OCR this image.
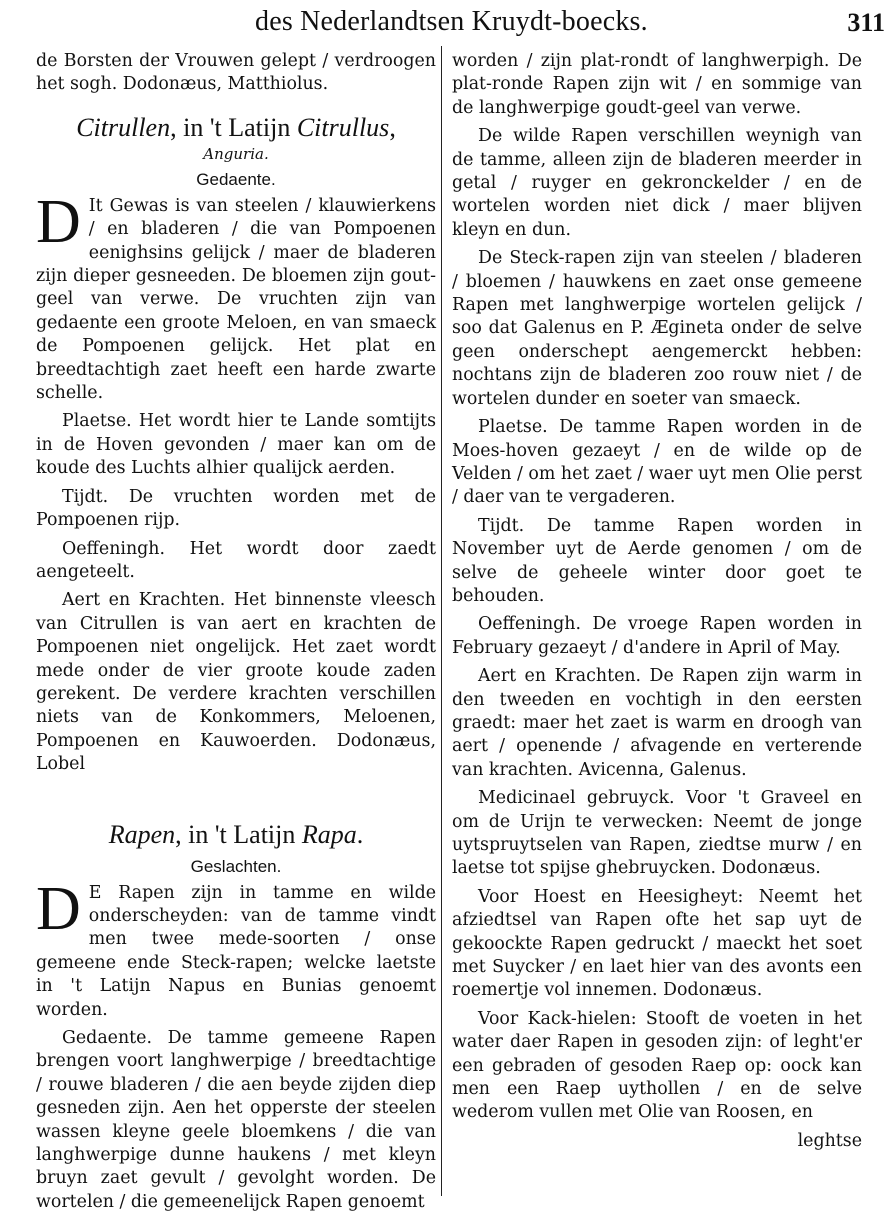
des Nederlandtsen Kruydt-boecks.	311

de Borsten der Vrouwen gelept / verdroogen het sogh. Dodonæus, Matthiolus.

Citrullen, in 't Latijn Citrullus,
Anguria.
Gedaente.

D It Gewas is van steelen / klauwierkens / en bladeren / die van Pompoenen eenighsins gelijck / maer de bladeren zijn dieper gesneeden. De bloemen zijn gout-geel van verwe. De vruchten zijn van gedaente een groote Meloen, en van smaeck de Pompoenen gelijck. Het plat en breedtachtigh zaet heeft een harde zwarte schelle.

Plaetse. Het wordt hier te Lande somtijts in de Hoven gevonden / maer kan om de koude des Luchts alhier qualijck aerden.

Tijdt. De vruchten worden met de Pompoenen rijp.

Oeffeningh. Het wordt door zaedt aengeteelt.

Aert en Krachten. Het binnenste vleesch van Citrullen is van aert en krachten de Pompoenen niet ongelijck. Het zaet wordt mede onder de vier groote koude zaden gerekent. De verdere krachten verschillen niets van de Konkommers, Meloenen, Pompoenen en Kauwoerden. Dodonæus, Lobel

Rapen, in 't Latijn Rapa.
Geslachten.

D E Rapen zijn in tamme en wilde onderscheyden: van de tamme vindt men twee mede-soorten / onse gemeene ende Steck-rapen; welcke laetste in 't Latijn Napus en Bunias genoemt worden.

Gedaente. De tamme gemeene Rapen brengen voort langhwerpige / breedtachtige / rouwe bladeren / die aen beyde zijden diep gesneden zijn. Aen het opperste der steelen wassen kleyne geele bloemkens / die van langhwerpige dunne haukens / met kleyn bruyn zaet gevult / gevolght worden. De wortelen / die gemeenelijck Rapen genoemt

worden / zijn plat-rondt of langhwerpigh. De plat-ronde Rapen zijn wit / en sommige van de langhwerpige goudt-geel van verwe.

De wilde Rapen verschillen weynigh van de tamme, alleen zijn de bladeren meerder in getal / ruyger en gekronckelder / en de wortelen worden niet dick / maer blijven kleyn en dun.

De Steck-rapen zijn van steelen / bladeren / bloemen / hauwkens en zaet onse gemeene Rapen met langhwerpige wortelen gelijck / soo dat Galenus en P. Ægineta onder de selve geen onderschept aengemerckt hebben: nochtans zijn de bladeren zoo rouw niet / de wortelen dunder en soeter van smaeck.

Plaetse. De tamme Rapen worden in de Moes-hoven gezaeyt / en de wilde op de Velden / om het zaet / waer uyt men Olie perst / daer van te vergaderen.

Tijdt. De tamme Rapen worden in November uyt de Aerde genomen / om de selve de geheele winter door goet te behouden.

Oeffeningh. De vroege Rapen worden in February gezaeyt / d'andere in April of May.

Aert en Krachten. De Rapen zijn warm in den tweeden en vochtigh in den eersten graedt: maer het zaet is warm en droogh van aert / openende / afvagende en verterende van krachten. Avicenna, Galenus.

Medicinael gebruyck. Voor 't Graveel en om de Urijn te verwecken: Neemt de jonge uytspruytselen van Rapen, ziedtse murw / en laetse tot spijse ghebruycken. Dodonæus.

Voor Hoest en Heesigheyt: Neemt het afziedtsel van Rapen ofte het sap uyt de gekoockte Rapen gedruckt / maeckt het soet met Suycker / en laet hier van des avonts een roemertje vol innemen. Dodonæus.

Voor Kack-hielen: Stooft de voeten in het water daer Rapen in gesoden zijn: of leght'er een gebraden of gesoden Raep op: oock kan men een Raep uythollen / en de selve wederom vullen met Olie van Roosen, en

leghtse
